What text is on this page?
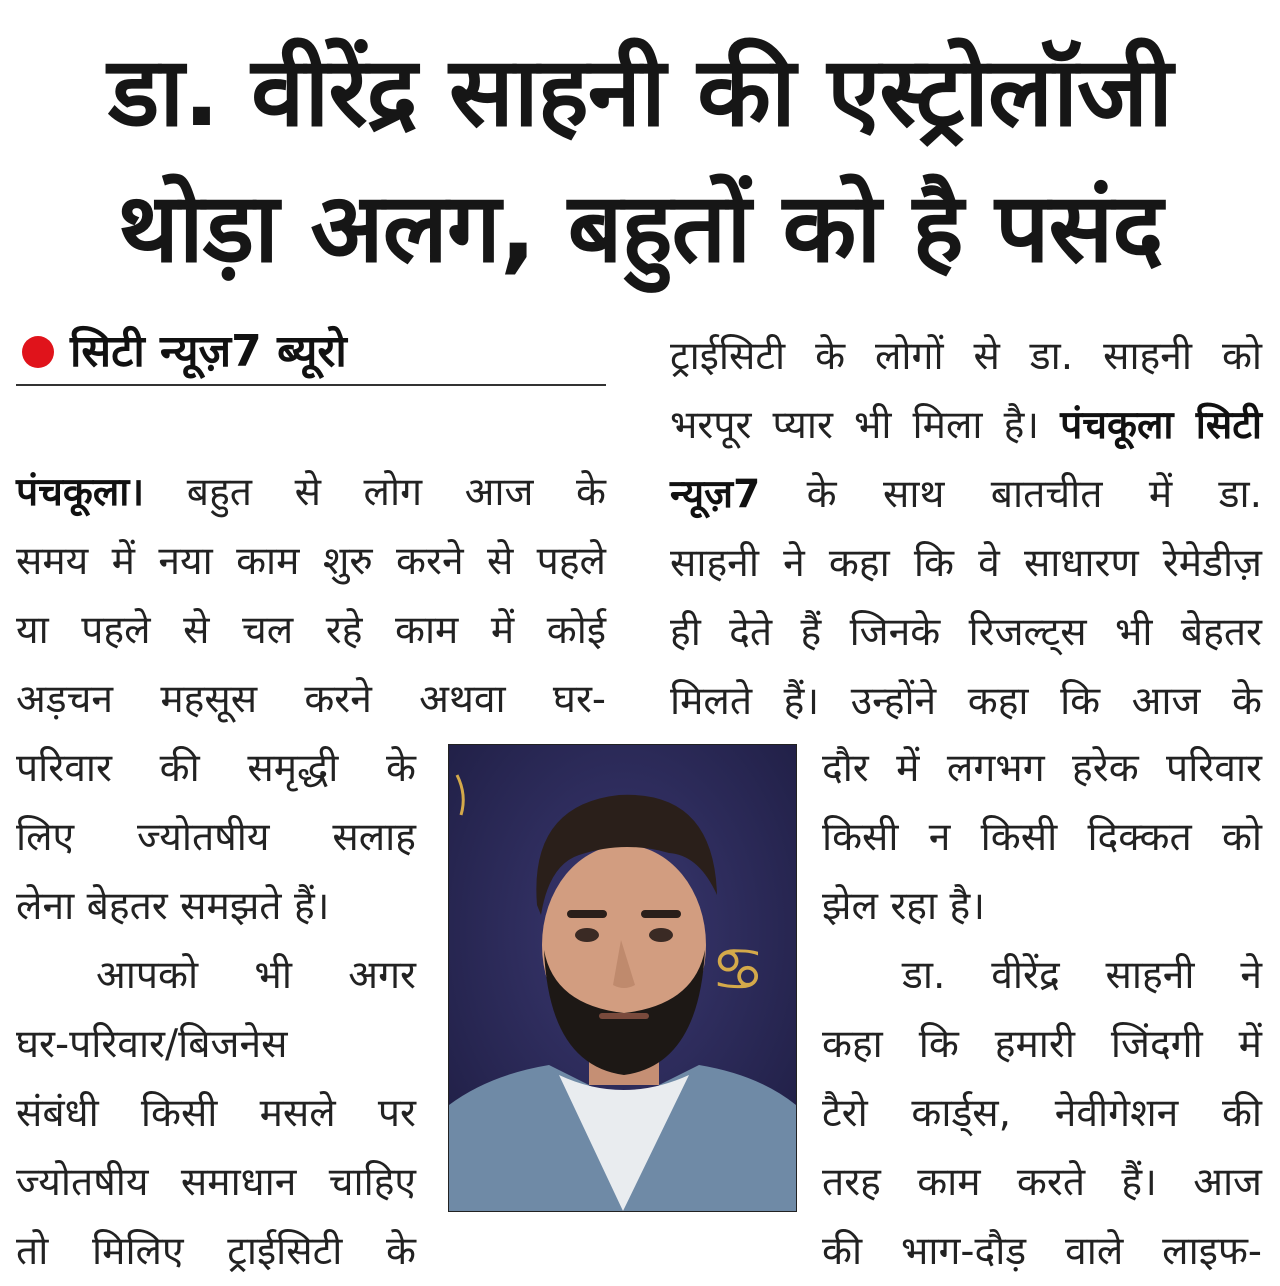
डा. वीरेंद्र साहनी की एस्ट्रोलॉजी
थोड़ा अलग, बहुतों को है पसंद
सिटी न्यूज़7 ब्यूरो

पंचकूला। बहुत से लोग आज के

समय में नया काम शुरु करने से पहले

या पहले से चल रहे काम में कोई

अड़चन महसूस करने अथवा घर-

परिवार की समृद्धी के

लिए ज्योतषीय सलाह

लेना बेहतर समझते हैं।

आपको भी अगर

घर-परिवार/बिजनेस

संबंधी किसी मसले पर

ज्योतषीय समाधान चाहिए

तो मिलिए ट्राईसिटी के

♋

ट्राईसिटी के लोगों से डा. साहनी को

भरपूर प्यार भी मिला है। पंचकूला सिटी न्यूज़7 के साथ बातचीत में डा.

साहनी ने कहा कि वे साधारण रेमेडीज़

ही देते हैं जिनके रिजल्ट्स भी बेहतर

मिलते हैं। उन्होंने कहा कि आज के

दौर में लगभग हरेक परिवार

किसी न किसी दिक्कत को

झेल रहा है।

डा. वीरेंद्र साहनी ने

कहा कि हमारी जिंदगी में

टैरो कार्ड्स, नेवीगेशन की

तरह काम करते हैं। आज

की भाग-दौड़ वाले लाइफ-
